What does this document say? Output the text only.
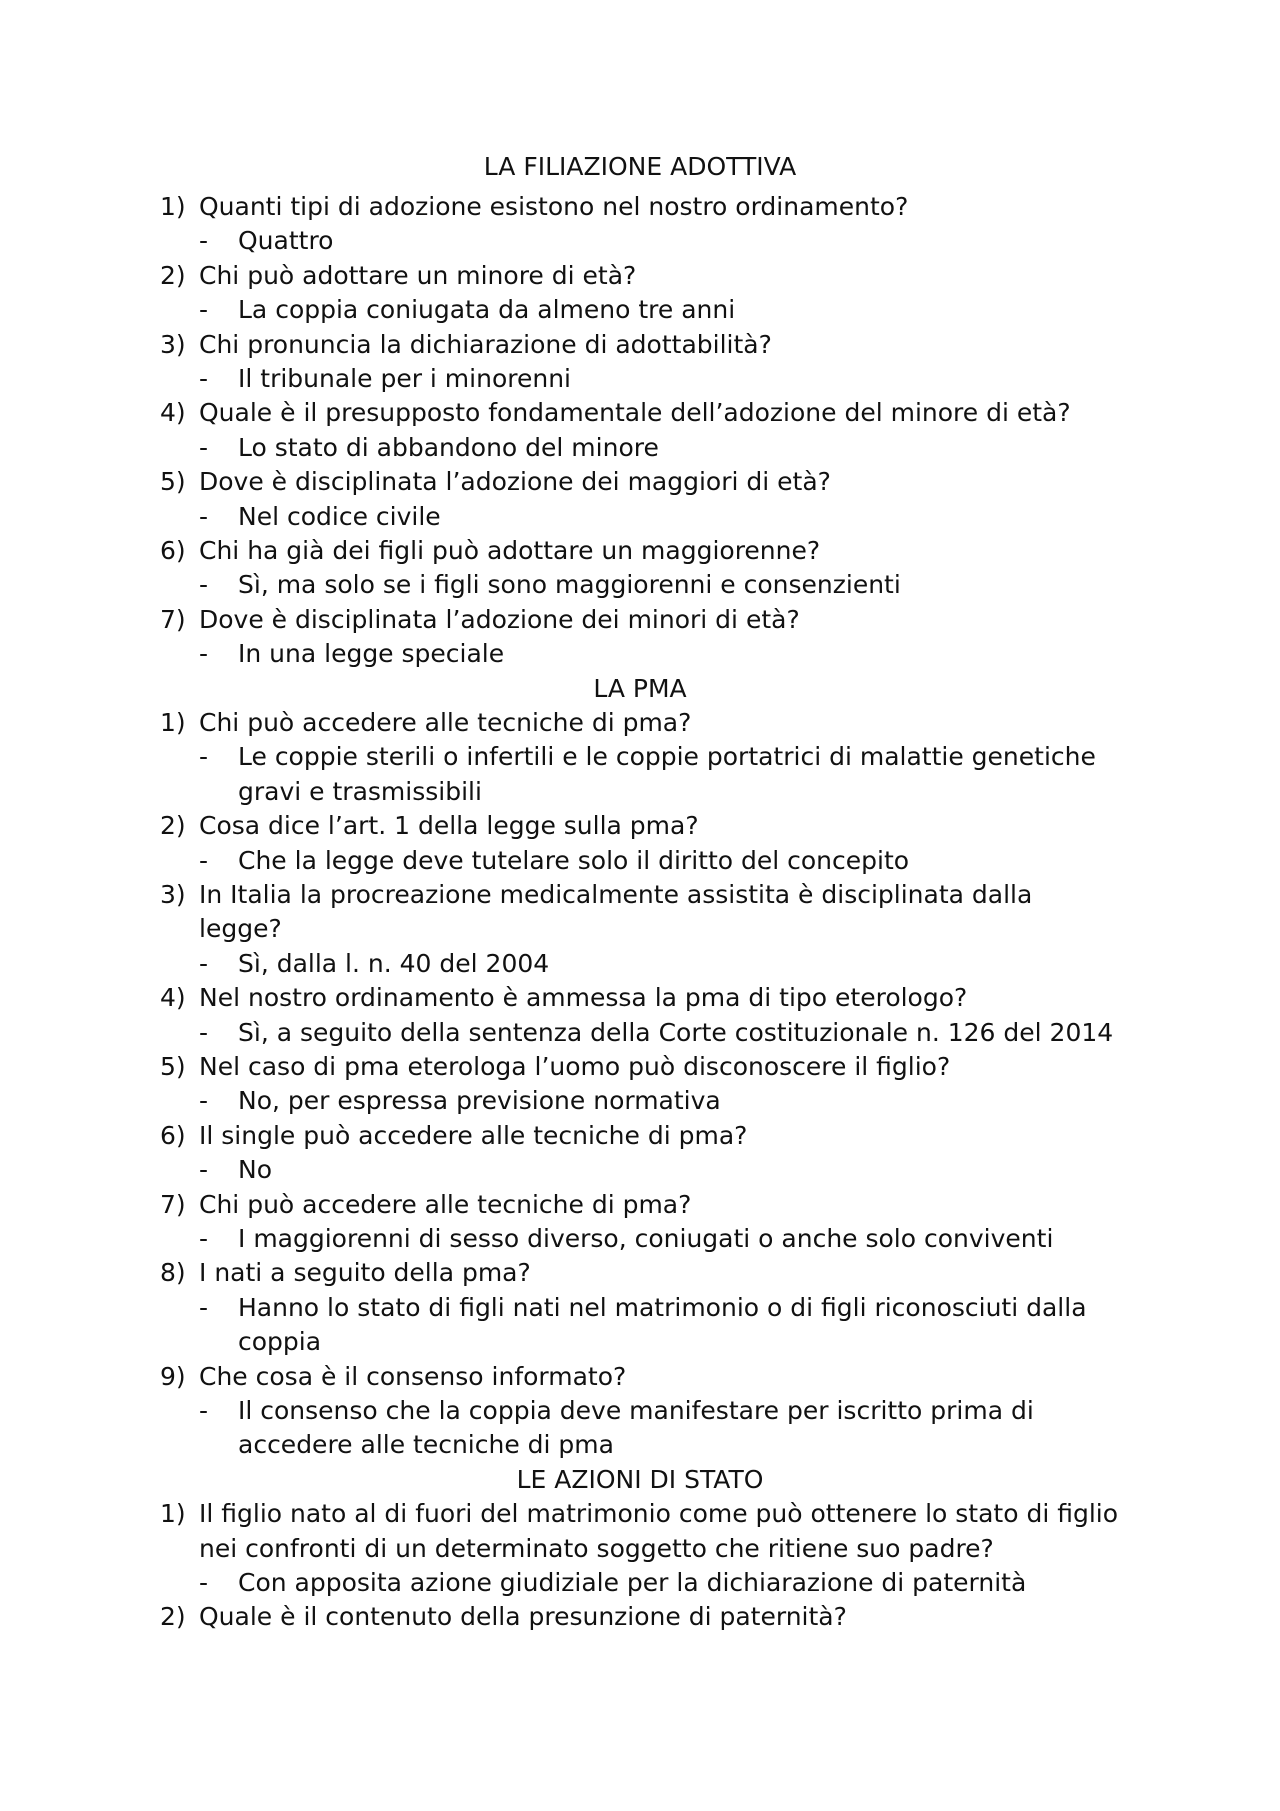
LA FILIAZIONE ADOTTIVA
1) Quanti tipi di adozione esistono nel nostro ordinamento?
- Quattro
2) Chi può adottare un minore di età?
- La coppia coniugata da almeno tre anni
3) Chi pronuncia la dichiarazione di adottabilità?
- Il tribunale per i minorenni
4) Quale è il presupposto fondamentale dell’adozione del minore di età?
- Lo stato di abbandono del minore
5) Dove è disciplinata l’adozione dei maggiori di età?
- Nel codice civile
6) Chi ha già dei figli può adottare un maggiorenne?
- Sì, ma solo se i figli sono maggiorenni e consenzienti
7) Dove è disciplinata l’adozione dei minori di età?
- In una legge speciale
LA PMA
1) Chi può accedere alle tecniche di pma?
- Le coppie sterili o infertili e le coppie portatrici di malattie genetiche
gravi e trasmissibili
2) Cosa dice l’art. 1 della legge sulla pma?
- Che la legge deve tutelare solo il diritto del concepito
3) In Italia la procreazione medicalmente assistita è disciplinata dalla
legge?
- Sì, dalla l. n. 40 del 2004
4) Nel nostro ordinamento è ammessa la pma di tipo eterologo?
- Sì, a seguito della sentenza della Corte costituzionale n. 126 del 2014
5) Nel caso di pma eterologa l’uomo può disconoscere il figlio?
- No, per espressa previsione normativa
6) Il single può accedere alle tecniche di pma?
- No
7) Chi può accedere alle tecniche di pma?
- I maggiorenni di sesso diverso, coniugati o anche solo conviventi
8) I nati a seguito della pma?
- Hanno lo stato di figli nati nel matrimonio o di figli riconosciuti dalla
coppia
9) Che cosa è il consenso informato?
- Il consenso che la coppia deve manifestare per iscritto prima di
accedere alle tecniche di pma
LE AZIONI DI STATO
1) Il figlio nato al di fuori del matrimonio come può ottenere lo stato di figlio
nei confronti di un determinato soggetto che ritiene suo padre?
- Con apposita azione giudiziale per la dichiarazione di paternità
2) Quale è il contenuto della presunzione di paternità?
